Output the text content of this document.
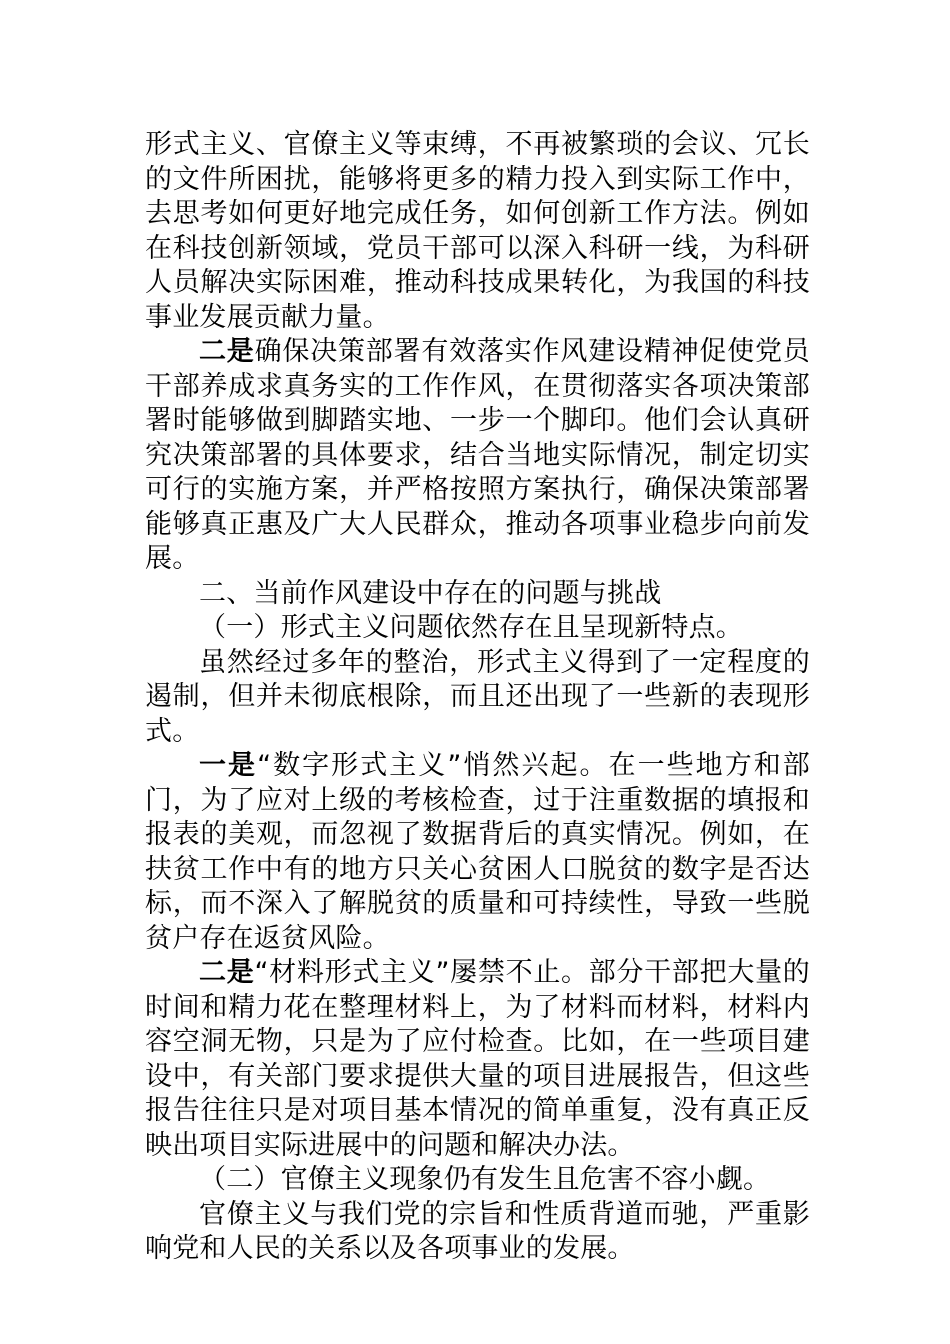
形式主义、官僚主义等束缚，不再被繁琐的会议、冗长的文件所困扰，能够将更多的精力投入到实际工作中，去思考如何更好地完成任务，如何创新工作方法。例如在科技创新领域，党员干部可以深入科研一线，为科研人员解决实际困难，推动科技成果转化，为我国的科技事业发展贡献力量。

二是确保决策部署有效落实作风建设精神促使党员干部养成求真务实的工作作风，在贯彻落实各项决策部署时能够做到脚踏实地、一步一个脚印。他们会认真研究决策部署的具体要求，结合当地实际情况，制定切实可行的实施方案，并严格按照方案执行，确保决策部署能够真正惠及广大人民群众，推动各项事业稳步向前发展。

二、当前作风建设中存在的问题与挑战

（一）形式主义问题依然存在且呈现新特点。

虽然经过多年的整治，形式主义得到了一定程度的遏制，但并未彻底根除，而且还出现了一些新的表现形式。

一是“数字形式主义”悄然兴起。在一些地方和部门，为了应对上级的考核检查，过于注重数据的填报和报表的美观，而忽视了数据背后的真实情况。例如，在扶贫工作中有的地方只关心贫困人口脱贫的数字是否达标，而不深入了解脱贫的质量和可持续性，导致一些脱贫户存在返贫风险。

二是“材料形式主义”屡禁不止。部分干部把大量的时间和精力花在整理材料上，为了材料而材料，材料内容空洞无物，只是为了应付检查。比如，在一些项目建设中，有关部门要求提供大量的项目进展报告，但这些报告往往只是对项目基本情况的简单重复，没有真正反映出项目实际进展中的问题和解决办法。

（二）官僚主义现象仍有发生且危害不容小觑。

官僚主义与我们党的宗旨和性质背道而驰，严重影响党和人民的关系以及各项事业的发展。
